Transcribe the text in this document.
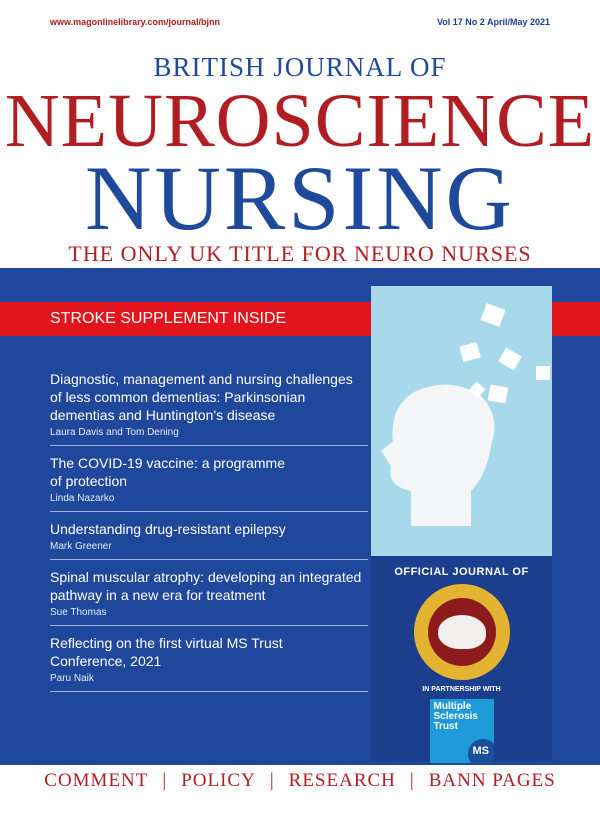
www.magonlinelibrary.com/journal/bjnn	Vol 17 No 2 April/May 2021
BRITISH JOURNAL OF
NEUROSCIENCE
NURSING
THE ONLY UK TITLE FOR NEURO NURSES
STROKE SUPPLEMENT INSIDE
OFFICIAL JOURNAL OF
IN PARTNERSHIP WITH
Multiple Sclerosis Trust
MS
Diagnostic, management and nursing challenges of less common dementias: Parkinsonian dementias and Huntington's disease
Laura Davis and Tom Dening
The COVID-19 vaccine: a programme of protection
Linda Nazarko
Understanding drug-resistant epilepsy
Mark Greener
Spinal muscular atrophy: developing an integrated pathway in a new era for treatment
Sue Thomas
Reflecting on the first virtual MS Trust Conference, 2021
Paru Naik
COMMENT | POLICY | RESEARCH | BANN PAGES
